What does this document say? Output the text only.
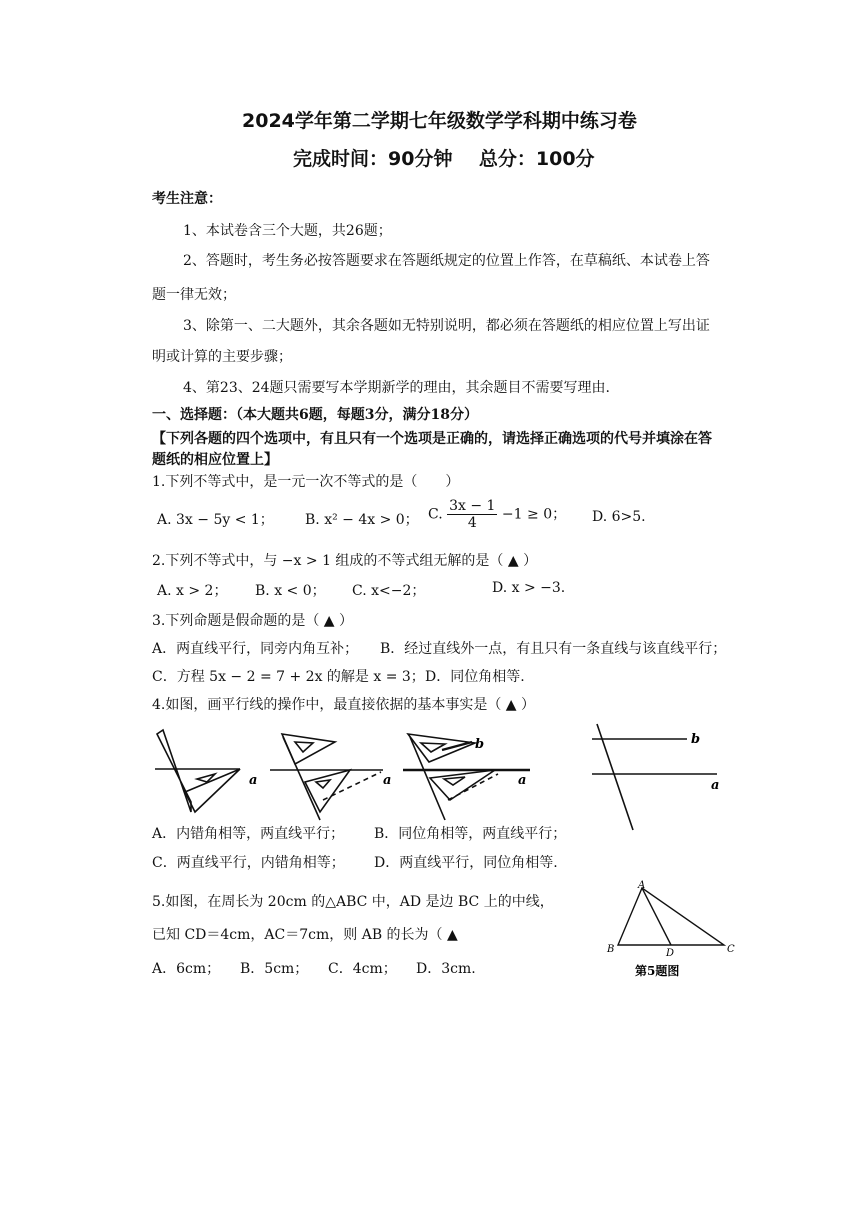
2024学年第二学期七年级数学学科期中练习卷
完成时间：90分钟    总分：100分
考生注意：
1、本试卷含三个大题，共26题；
2、答题时，考生务必按答题要求在答题纸规定的位置上作答，在草稿纸、本试卷上答
题一律无效；
3、除第一、二大题外，其余各题如无特别说明，都必须在答题纸的相应位置上写出证
明或计算的主要步骤；
4、第23、24题只需要写本学期新学的理由，其余题目不需要写理由.
一、选择题：（本大题共6题，每题3分，满分18分）
【下列各题的四个选项中，有且只有一个选项是正确的，请选择正确选项的代号并填涂在答
题纸的相应位置上】
1.下列不等式中，是一元一次不等式的是（　　）
A. 3x − 5y < 1； B. x² − 4x > 0； C. $\frac{3x - 1}{4} -1 \ge 0$； D. 6>5.
2.下列不等式中，与 −x > 1 组成的不等式组无解的是（ ▲ ）
A. x > 2； B. x < 0； C. x<−2；	D. x > −3.
3.下列命题是假命题的是（ ▲ ）
A．两直线平行，同旁内角互补； B．经过直线外一点，有且只有一条直线与该直线平行；
C．方程 5x − 2 = 7 + 2x 的解是 x = 3； D．同位角相等.
4.如图，画平行线的操作中，最直接依据的基本事实是（ ▲ ）
a	a
b
a
b
a
A．内错角相等，两直线平行； B．同位角相等，两直线平行；
C．两直线平行，内错角相等； D．两直线平行，同位角相等.
5.如图，在周长为 20cm 的△ABC 中，AD 是边 BC 上的中线，
已知 CD＝4cm，AC＝7cm，则 AB 的长为（ ▲
A．6cm； B．5cm； C．4cm； D．3cm.
A
B	D	C
第5题图
